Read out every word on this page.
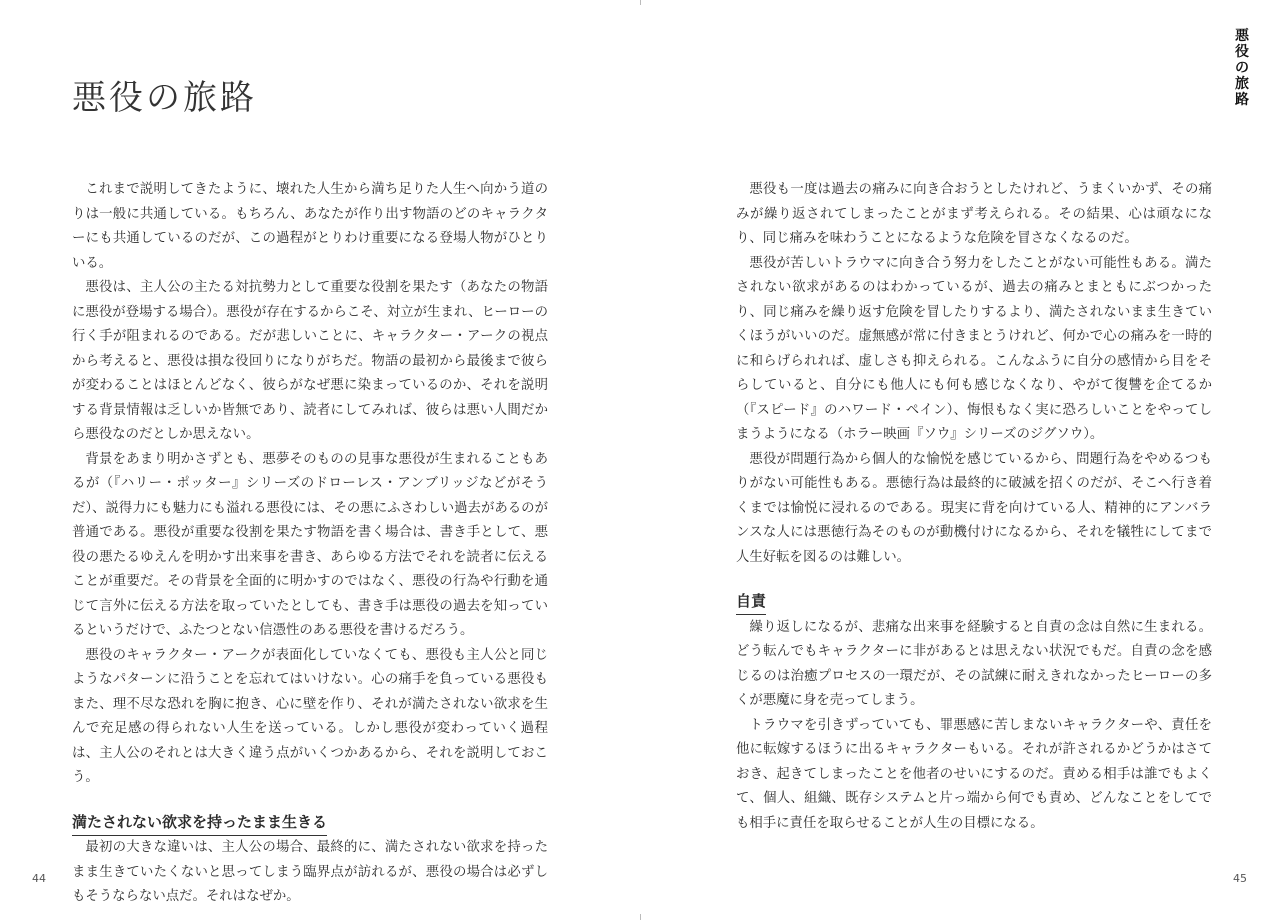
悪役の旅路
悪
役
の
旅
路

これまで説明してきたように、壊れた人生から満ち足りた人生へ向かう道のりは一般に共通している。もちろん、あなたが作り出す物語のどのキャラクターにも共通しているのだが、この過程がとりわけ重要になる登場人物がひとりいる。

悪役は、主人公の主たる対抗勢力として重要な役割を果たす（あなたの物語に悪役が登場する場合）。悪役が存在するからこそ、対立が生まれ、ヒーローの行く手が阻まれるのである。だが悲しいことに、キャラクター・アークの視点から考えると、悪役は損な役回りになりがちだ。物語の最初から最後まで彼らが変わることはほとんどなく、彼らがなぜ悪に染まっているのか、それを説明する背景情報は乏しいか皆無であり、読者にしてみれば、彼らは悪い人間だから悪役なのだとしか思えない。

背景をあまり明かさずとも、悪夢そのものの見事な悪役が生まれることもあるが（『ハリー・ポッター』シリーズのドローレス・アンブリッジなどがそうだ）、説得力にも魅力にも溢れる悪役には、その悪にふさわしい過去があるのが普通である。悪役が重要な役割を果たす物語を書く場合は、書き手として、悪役の悪たるゆえんを明かす出来事を書き、あらゆる方法でそれを読者に伝えることが重要だ。その背景を全面的に明かすのではなく、悪役の行為や行動を通じて言外に伝える方法を取っていたとしても、書き手は悪役の過去を知っているというだけで、ふたつとない信憑性のある悪役を書けるだろう。

悪役のキャラクター・アークが表面化していなくても、悪役も主人公と同じようなパターンに沿うことを忘れてはいけない。心の痛手を負っている悪役もまた、理不尽な恐れを胸に抱き、心に壁を作り、それが満たされない欲求を生んで充足感の得られない人生を送っている。しかし悪役が変わっていく過程は、主人公のそれとは大きく違う点がいくつかあるから、それを説明しておこう。

満たされない欲求を持ったまま生きる

最初の大きな違いは、主人公の場合、最終的に、満たされない欲求を持ったまま生きていたくないと思ってしまう臨界点が訪れるが、悪役の場合は必ずしもそうならない点だ。それはなぜか。

悪役も一度は過去の痛みに向き合おうとしたけれど、うまくいかず、その痛みが繰り返されてしまったことがまず考えられる。その結果、心は頑なになり、同じ痛みを味わうことになるような危険を冒さなくなるのだ。

悪役が苦しいトラウマに向き合う努力をしたことがない可能性もある。満たされない欲求があるのはわかっているが、過去の痛みとまともにぶつかったり、同じ痛みを繰り返す危険を冒したりするより、満たされないまま生きていくほうがいいのだ。虚無感が常に付きまとうけれど、何かで心の痛みを一時的に和らげられれば、虚しさも抑えられる。こんなふうに自分の感情から目をそらしていると、自分にも他人にも何も感じなくなり、やがて復讐を企てるか（『スピード』のハワード・ペイン）、悔恨もなく実に恐ろしいことをやってしまうようになる（ホラー映画『ソウ』シリーズのジグソウ）。

悪役が問題行為から個人的な愉悦を感じているから、問題行為をやめるつもりがない可能性もある。悪徳行為は最終的に破滅を招くのだが、そこへ行き着くまでは愉悦に浸れるのである。現実に背を向けている人、精神的にアンバランスな人には悪徳行為そのものが動機付けになるから、それを犠牲にしてまで人生好転を図るのは難しい。

自責

繰り返しになるが、悲痛な出来事を経験すると自責の念は自然に生まれる。どう転んでもキャラクターに非があるとは思えない状況でもだ。自責の念を感じるのは治癒プロセスの一環だが、その試練に耐えきれなかったヒーローの多くが悪魔に身を売ってしまう。

トラウマを引きずっていても、罪悪感に苦しまないキャラクターや、責任を他に転嫁するほうに出るキャラクターもいる。それが許されるかどうかはさておき、起きてしまったことを他者のせいにするのだ。責める相手は誰でもよくて、個人、組織、既存システムと片っ端から何でも責め、どんなことをしてでも相手に責任を取らせることが人生の目標になる。

44	45
